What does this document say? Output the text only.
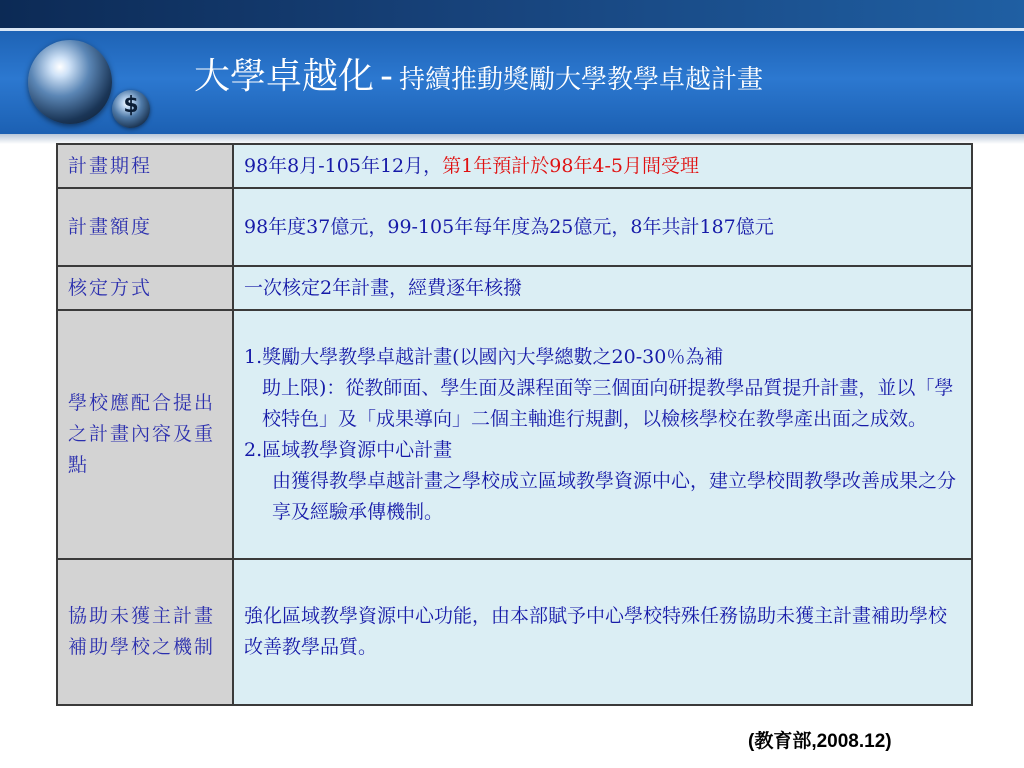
$
大學卓越化 - 持續推動獎勵大學教學卓越計畫
計畫期程	98年8月-105年12月，第1年預計於98年4-5月間受理
計畫額度	98年度37億元，99-105年每年度為25億元，8年共計187億元
核定方式	一次核定2年計畫，經費逐年核撥
學校應配合提出之計畫內容及重點	1.獎勵大學教學卓越計畫(以國內大學總數之20-30％為補
助上限)：從教師面、學生面及課程面等三個面向研提教學品質提升計畫，並以「學校特色」及「成果導向」二個主軸進行規劃，以檢核學校在教學產出面之成效。
2.區域教學資源中心計畫
由獲得教學卓越計畫之學校成立區域教學資源中心，建立學校間教學改善成果之分享及經驗承傳機制。

協助未獲主計畫補助學校之機制	強化區域教學資源中心功能，由本部賦予中心學校特殊任務協助未獲主計畫補助學校改善教學品質。
(教育部,2008.12)
